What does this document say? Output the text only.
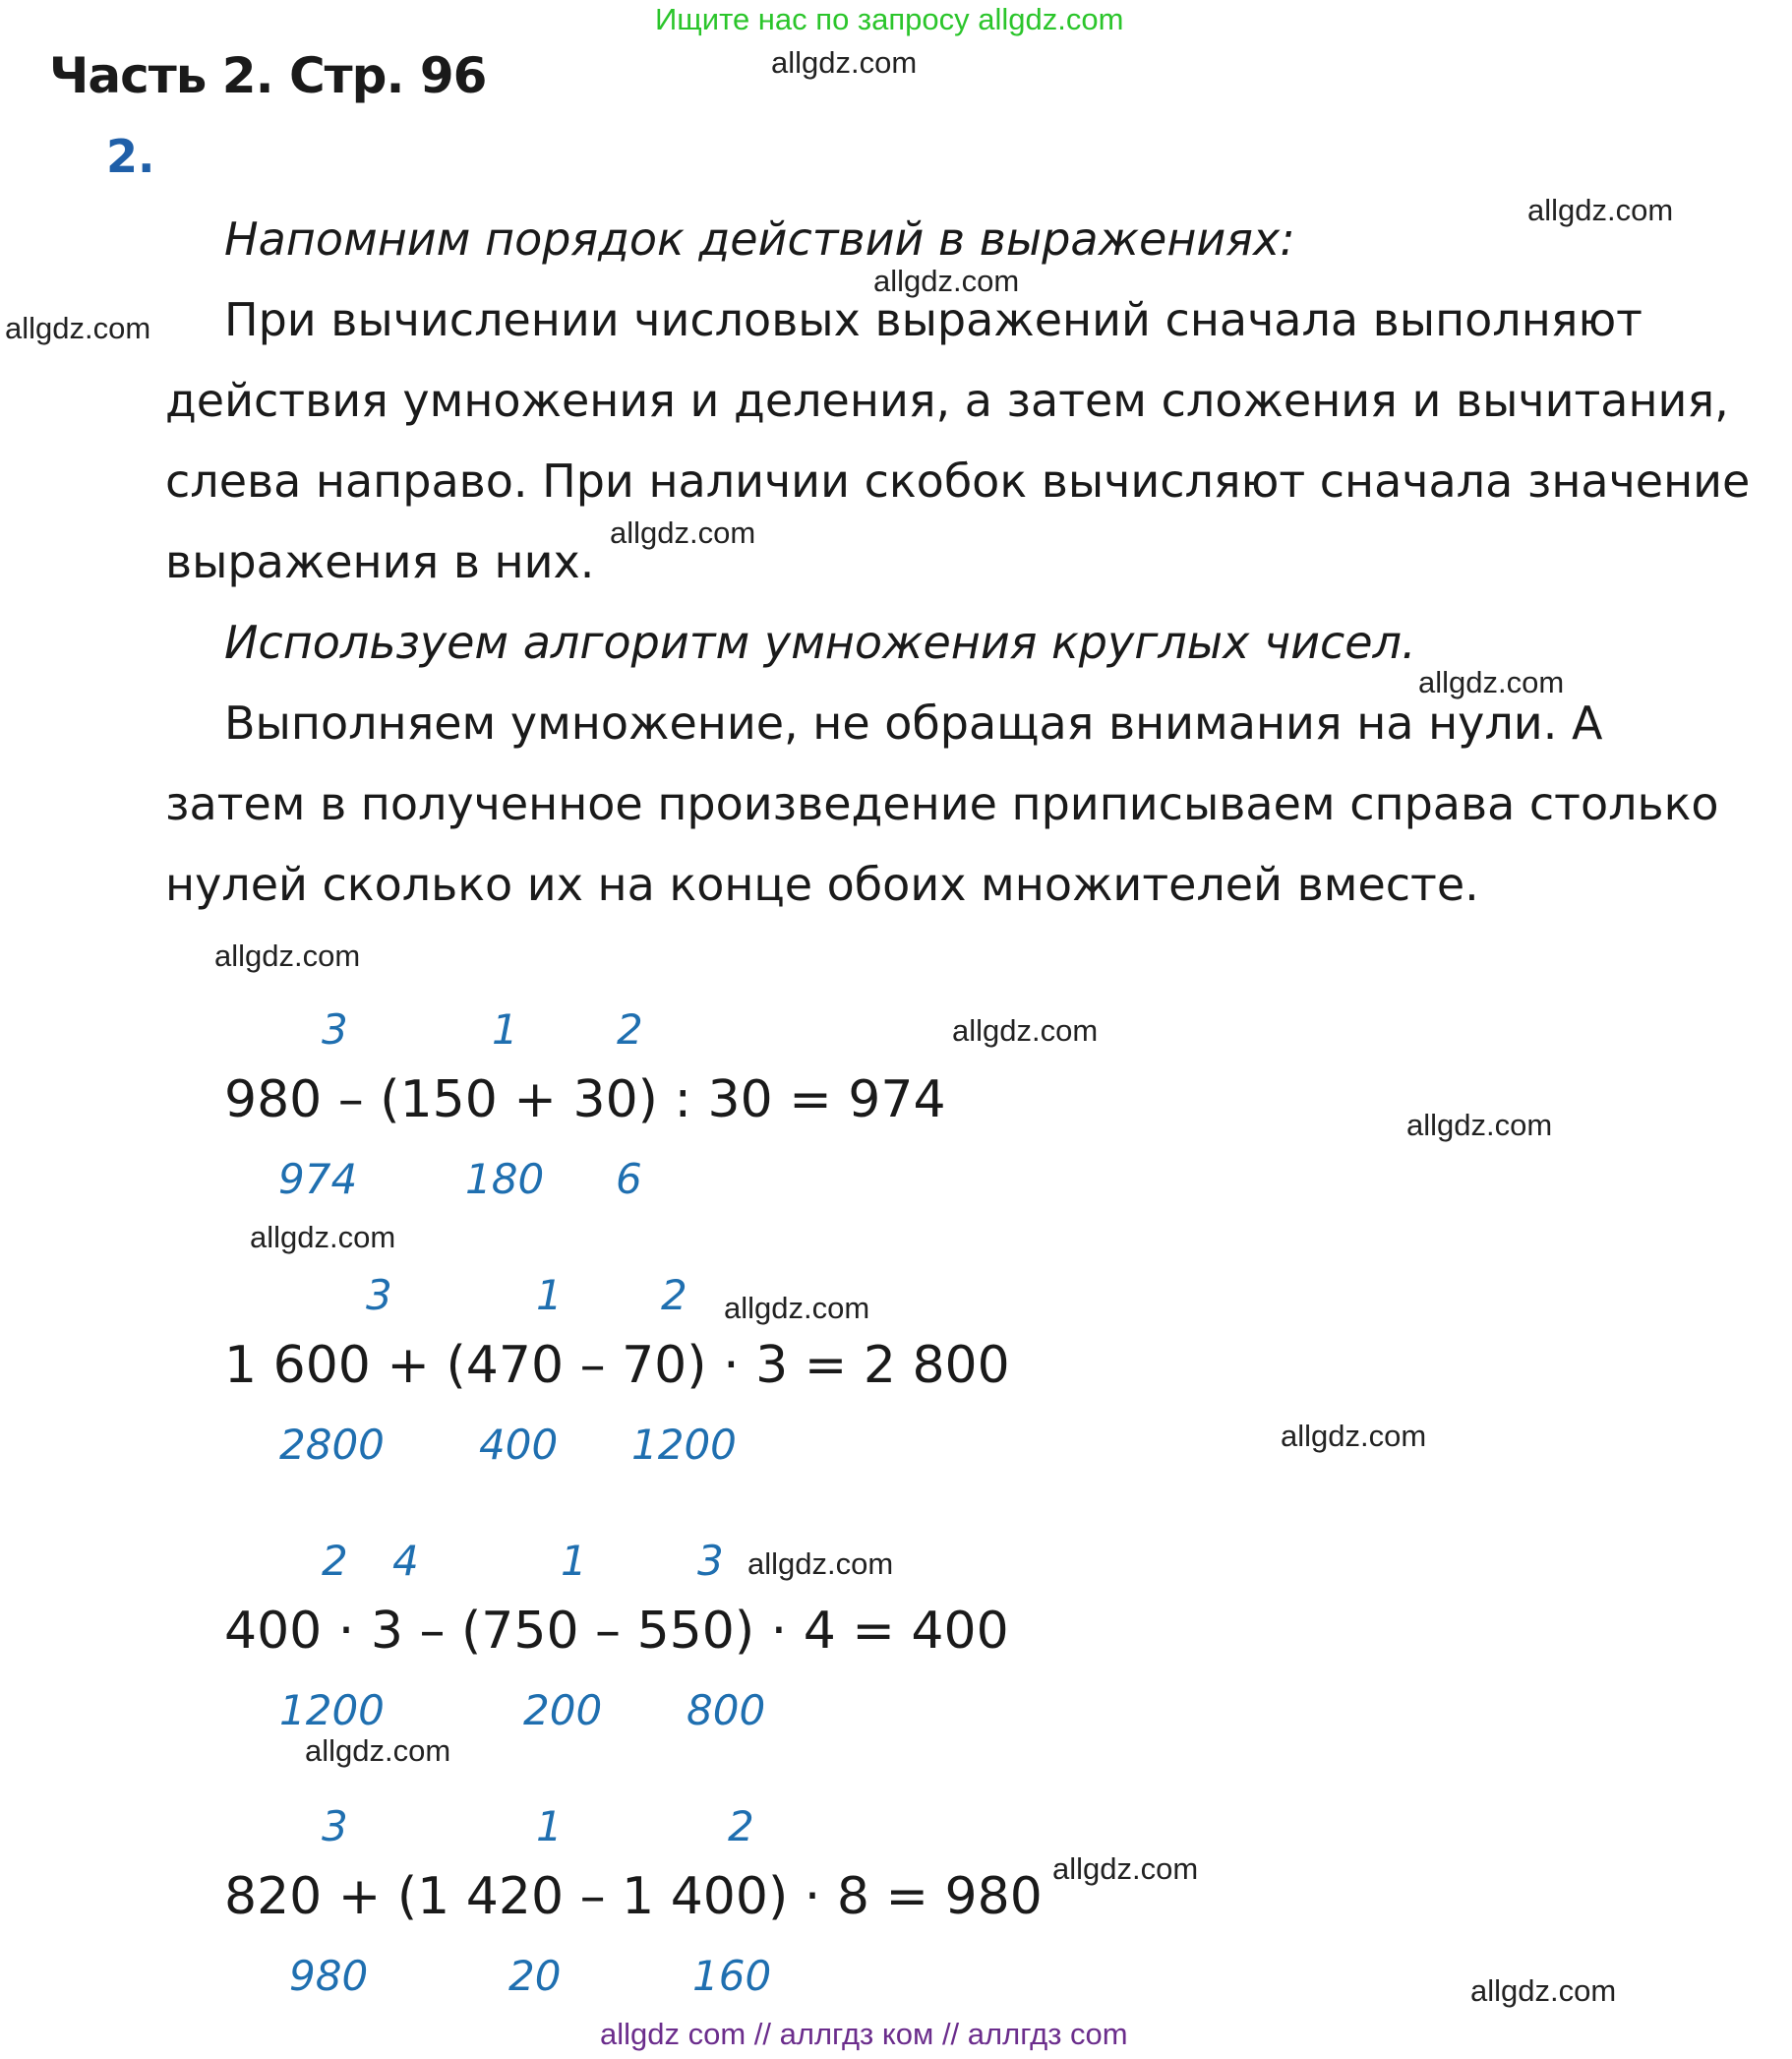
Ищите нас по запросу allgdz.com
Часть 2. Стр. 96
2.
Напомним порядок действий в выражениях:
При вычислении числовых выражений сначала выполняют
действия умножения и деления, а затем сложения и вычитания,
слева направо. При наличии скобок вычисляют сначала значение
выражения в них.
Используем алгоритм умножения круглых чисел.
Выполняем умножение, не обращая внимания на нули. А
затем в полученное произведение приписываем справа столько
нулей сколько их на конце обоих множителей вместе.
3	1 2
980 – (150 + 30) : 30 = 974
974	180 6
3	1 2
1 600 + (470 – 70) · 3 = 2 800
2800 400 1200
2 4	1	3
400 · 3 – (750 – 550) · 4 = 400
1200	200 800
3	1	2
820 + (1 420 – 1 400) · 8 = 980
980	20	160
allgdz.com
allgdz.com
allgdz.com
allgdz.com
allgdz.com
allgdz.com
allgdz.com
allgdz.com
allgdz.com
allgdz.com
allgdz.com
allgdz.com
allgdz.com
allgdz.com
allgdz.com
allgdz.com
allgdz com // аллгдз ком // аллгдз com
